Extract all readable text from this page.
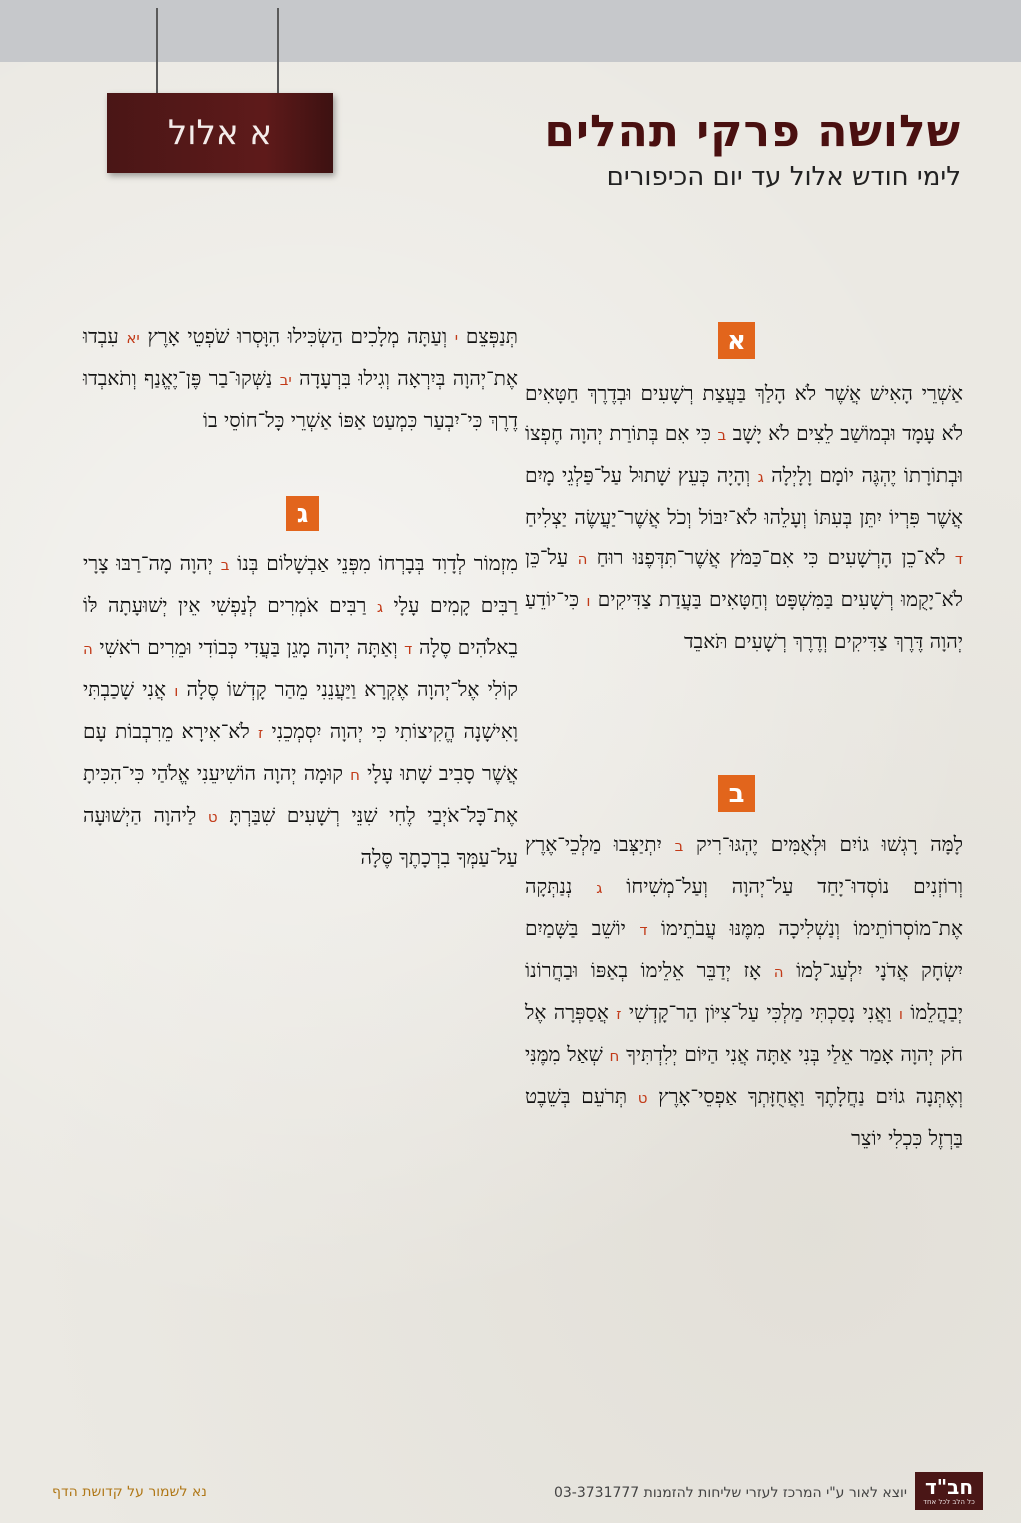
א אלול	שלושה פרקי תהלים
לימי חודש אלול עד יום הכיפורים
א
ב
ג

אַשְׁרֵי הָאִישׁ אֲשֶׁר לֹא הָלַךְ בַּעֲצַת רְשָׁעִים וּבְדֶרֶךְ חַטָּאִים לֹא עָמָד וּבְמוֹשַׁב לֵצִים לֹא יָשָׁב ב כִּי אִם בְּתוֹרַת יְהוָה חֶפְצוֹ וּבְתוֹרָתוֹ יֶהְגֶּה יוֹמָם וָלָיְלָה ג וְהָיָה כְּעֵץ שָׁתוּל עַל־פַּלְגֵי מָיִם אֲשֶׁר פִּרְיוֹ יִתֵּן בְּעִתּוֹ וְעָלֵהוּ לֹא־יִבּוֹל וְכֹל אֲשֶׁר־יַעֲשֶׂה יַצְלִיחַ ד לֹא־כֵן הָרְשָׁעִים כִּי אִם־כַּמֹּץ אֲשֶׁר־תִּדְּפֶנּוּ רוּחַ ה עַל־כֵּן לֹא־יָקֻמוּ רְשָׁעִים בַּמִּשְׁפָּט וְחַטָּאִים בַּעֲדַת צַדִּיקִים ו כִּי־יוֹדֵעַ יְהוָה דֶּרֶךְ צַדִּיקִים וְדֶרֶךְ רְשָׁעִים תֹּאבֵד

לָמָּה רָגְשׁוּ גוֹיִם וּלְאֻמִּים יֶהְגּוּ־רִיק ב יִתְיַצְּבוּ מַלְכֵי־אֶרֶץ וְרוֹזְנִים נוֹסְדוּ־יָחַד עַל־יְהוָה וְעַל־מְשִׁיחוֹ ג נְנַתְּקָה אֶת־מוֹסְרוֹתֵימוֹ וְנַשְׁלִיכָה מִמֶּנּוּ עֲבֹתֵימוֹ ד יוֹשֵׁב בַּשָּׁמַיִם יִשְׂחָק אֲדֹנָי יִלְעַג־לָמוֹ ה אָז יְדַבֵּר אֵלֵימוֹ בְאַפּוֹ וּבַחֲרוֹנוֹ יְבַהֲלֵמוֹ ו וַאֲנִי נָסַכְתִּי מַלְכִּי עַל־צִיּוֹן הַר־קָדְשִׁי ז אֲסַפְּרָה אֶל חֹק יְהוָה אָמַר אֵלַי בְּנִי אַתָּה אֲנִי הַיּוֹם יְלִדְתִּיךָ ח שְׁאַל מִמֶּנִּי וְאֶתְּנָה גוֹיִם נַחֲלָתֶךָ וַאֲחֻזָּתְךָ אַפְסֵי־אָרֶץ ט תְּרֹעֵם בְּשֵׁבֶט בַּרְזֶל כִּכְלִי יוֹצֵר

תְּנַפְּצֵם י וְעַתָּה מְלָכִים הַשְׂכִּילוּ הִוָּסְרוּ שֹׁפְטֵי אָרֶץ יא עִבְדוּ אֶת־יְהוָה בְּיִרְאָה וְגִילוּ בִּרְעָדָה יב נַשְּׁקוּ־בַר פֶּן־יֶאֱנַף וְתֹאבְדוּ דֶרֶךְ כִּי־יִבְעַר כִּמְעַט אַפּוֹ אַשְׁרֵי כָּל־חוֹסֵי בוֹ

מִזְמוֹר לְדָוִד בְּבָרְחוֹ מִפְּנֵי אַבְשָׁלוֹם בְּנוֹ ב יְהוָה מָה־רַבּוּ צָרָי רַבִּים קָמִים עָלָי ג רַבִּים אֹמְרִים לְנַפְשִׁי אֵין יְשׁוּעָתָה לּוֹ בֵאלֹהִים סֶלָה ד וְאַתָּה יְהוָה מָגֵן בַּעֲדִי כְּבוֹדִי וּמֵרִים רֹאשִׁי ה קוֹלִי אֶל־יְהוָה אֶקְרָא וַיַּעֲנֵנִי מֵהַר קָדְשׁוֹ סֶלָה ו אֲנִי שָׁכַבְתִּי וָאִישָׁנָה הֱקִיצוֹתִי כִּי יְהוָה יִסְמְכֵנִי ז לֹא־אִירָא מֵרִבְבוֹת עָם אֲשֶׁר סָבִיב שָׁתוּ עָלָי ח קוּמָה יְהוָה הוֹשִׁיעֵנִי אֱלֹהַי כִּי־הִכִּיתָ אֶת־כָּל־אֹיְבַי לֶחִי שִׁנֵּי רְשָׁעִים שִׁבַּרְתָּ ט לַיהוָה הַיְשׁוּעָה עַל־עַמְּךָ בִרְכָתֶךָ סֶּלָה

נא לשמור על קדושת הדף	יוצא לאור ע"י המרכז לעזרי שליחות להזמנות 03-3731777 חב"ד
כל הלב לכל אחד
